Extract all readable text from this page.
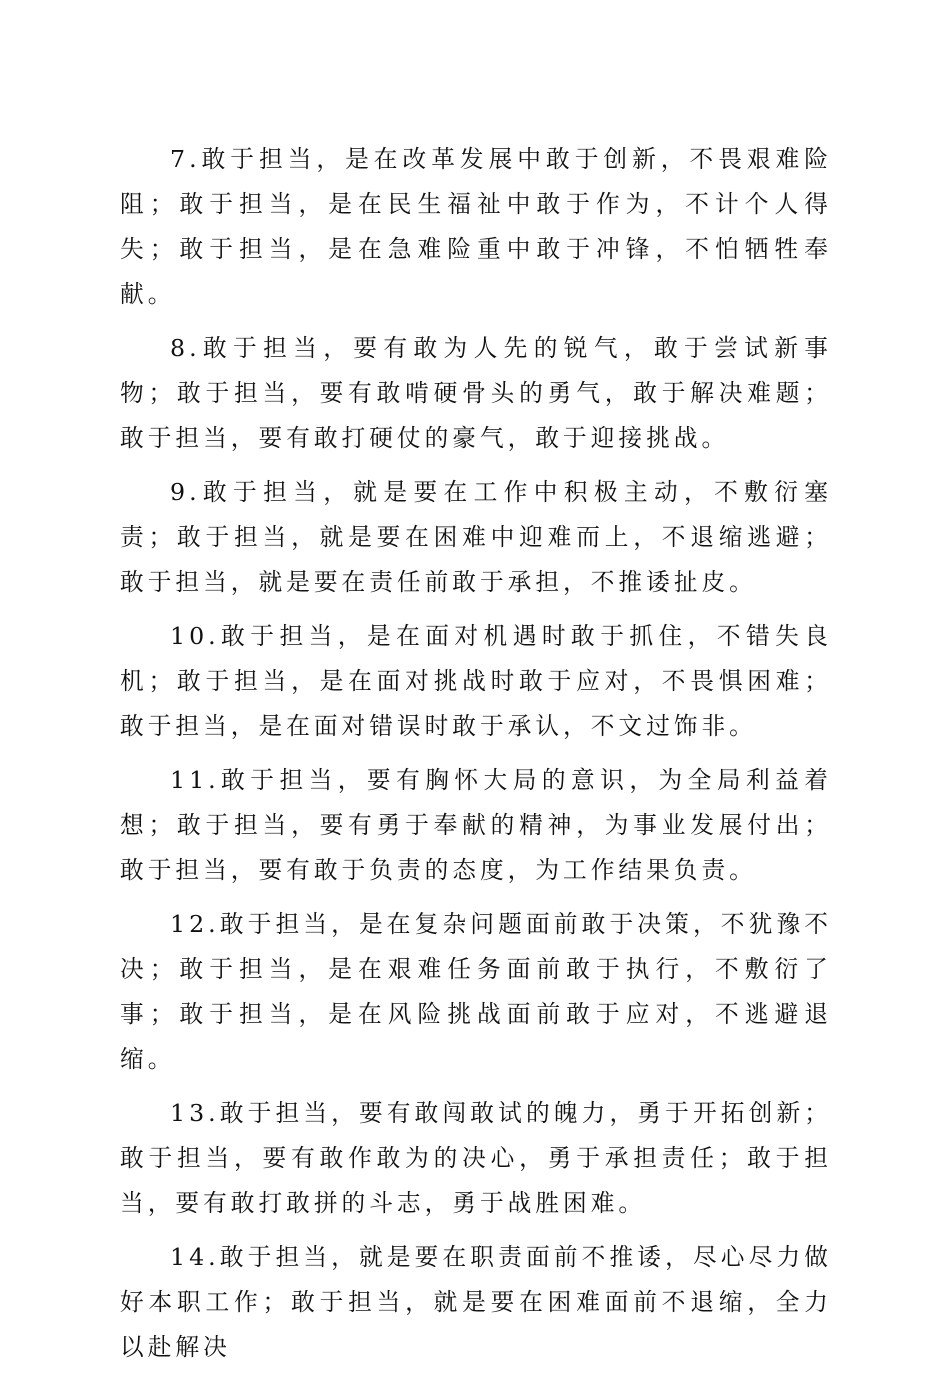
7.敢于担当，是在改革发展中敢于创新，不畏艰难险阻；敢于担当，是在民生福祉中敢于作为，不计个人得失；敢于担当，是在急难险重中敢于冲锋，不怕牺牲奉献。

8.敢于担当，要有敢为人先的锐气，敢于尝试新事物；敢于担当，要有敢啃硬骨头的勇气，敢于解决难题；敢于担当，要有敢打硬仗的豪气，敢于迎接挑战。

9.敢于担当，就是要在工作中积极主动，不敷衍塞责；敢于担当，就是要在困难中迎难而上，不退缩逃避；敢于担当，就是要在责任前敢于承担，不推诿扯皮。

10.敢于担当，是在面对机遇时敢于抓住，不错失良机；敢于担当，是在面对挑战时敢于应对，不畏惧困难；敢于担当，是在面对错误时敢于承认，不文过饰非。

11.敢于担当，要有胸怀大局的意识，为全局利益着想；敢于担当，要有勇于奉献的精神，为事业发展付出；敢于担当，要有敢于负责的态度，为工作结果负责。

12.敢于担当，是在复杂问题面前敢于决策，不犹豫不决；敢于担当，是在艰难任务面前敢于执行，不敷衍了事；敢于担当，是在风险挑战面前敢于应对，不逃避退缩。

13.敢于担当，要有敢闯敢试的魄力，勇于开拓创新；敢于担当，要有敢作敢为的决心，勇于承担责任；敢于担当，要有敢打敢拼的斗志，勇于战胜困难。

14.敢于担当，就是要在职责面前不推诿，尽心尽力做好本职工作；敢于担当，就是要在困难面前不退缩，全力以赴解决
